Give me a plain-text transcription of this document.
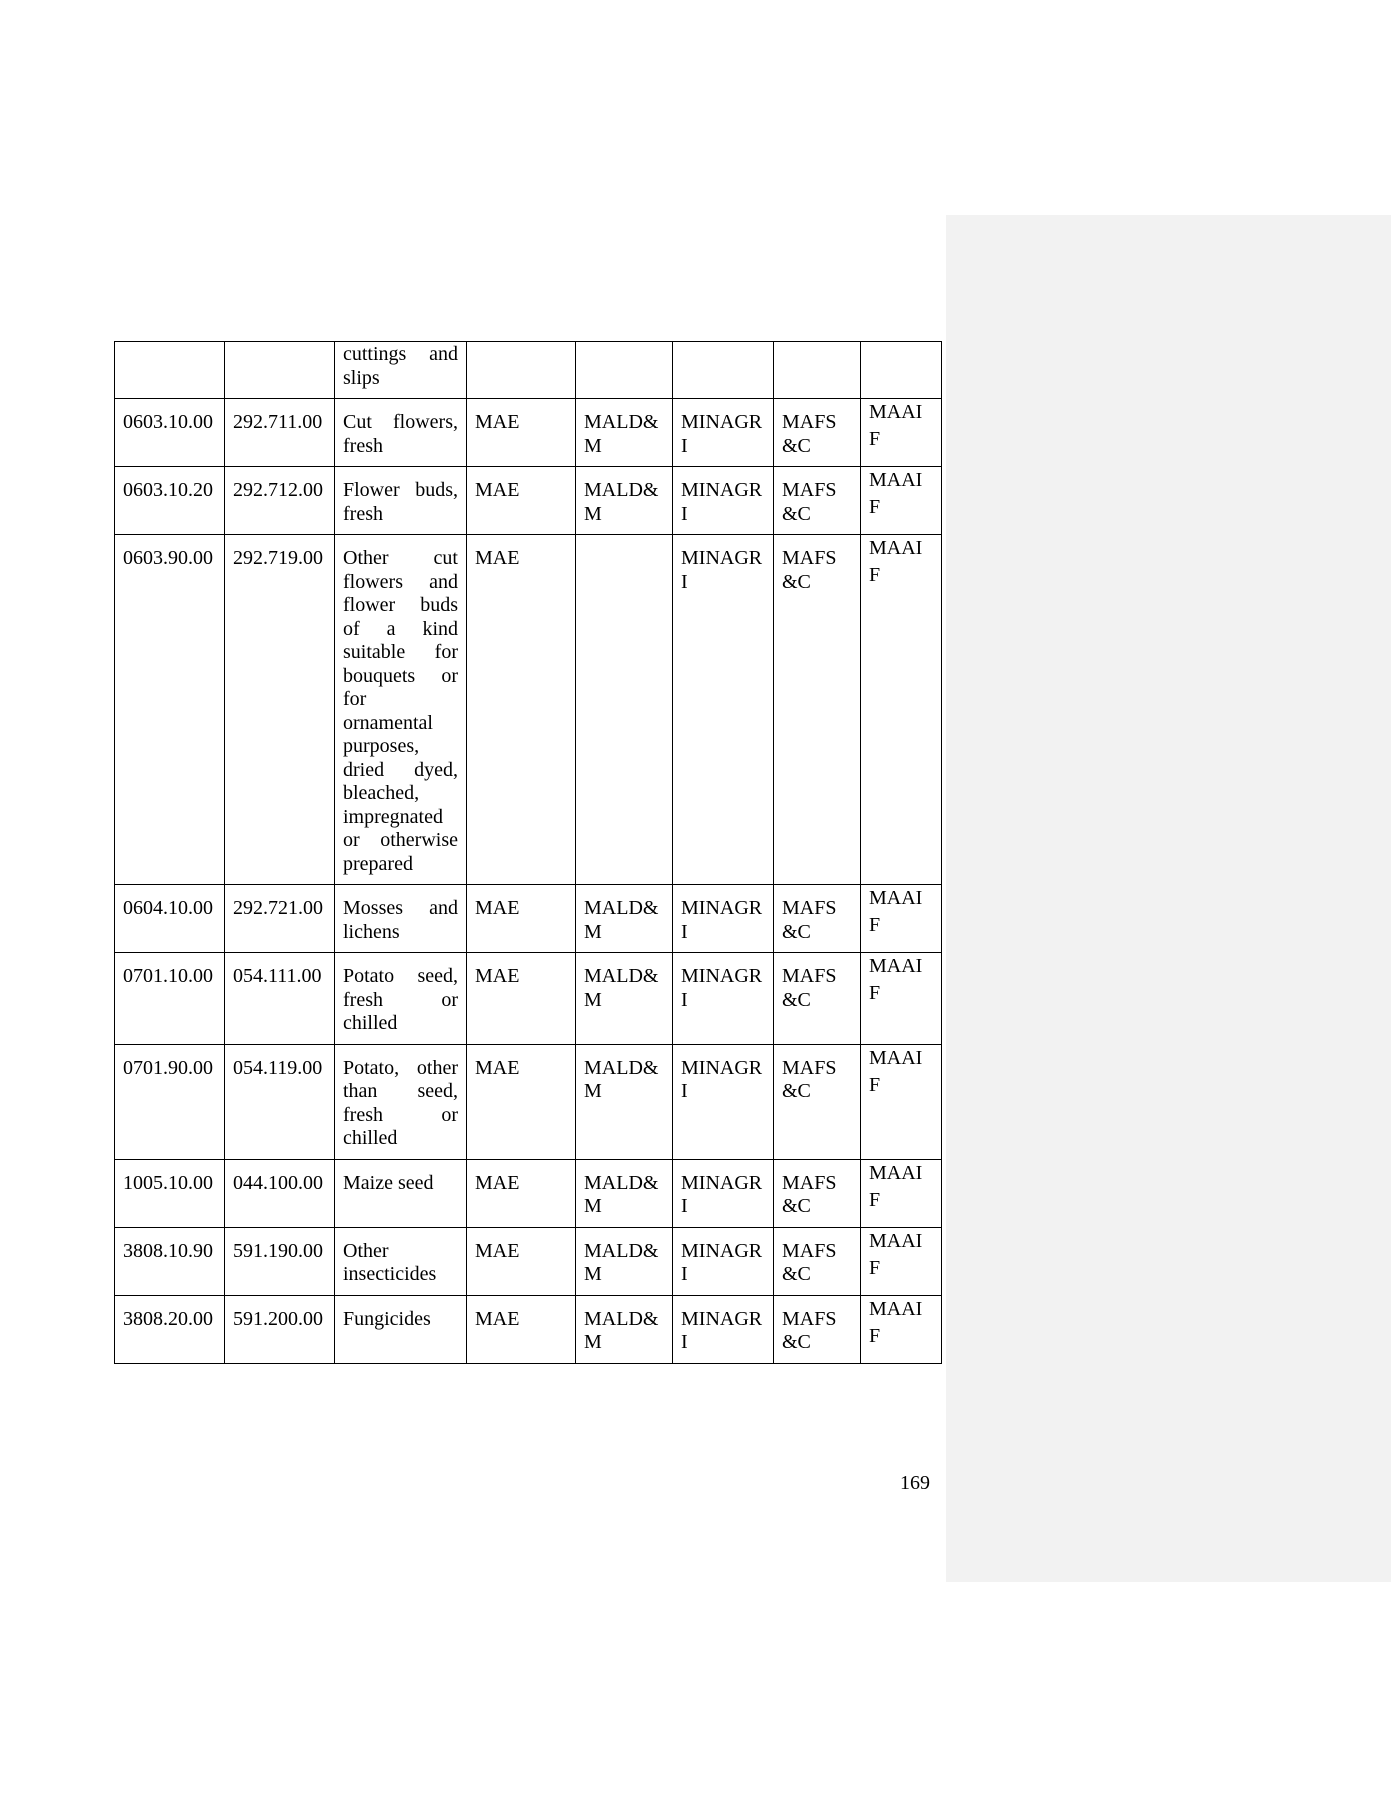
		cuttings and slips					
0603.10.00	292.711.00	Cut flowers, fresh	MAE	MALD&M	MINAGRI	MAFS&C	MAAIF
0603.10.20	292.712.00	Flower buds, fresh	MAE	MALD&M	MINAGRI	MAFS&C	MAAIF
0603.90.00	292.719.00	Other cut flowers and flower buds of a kind suitable for bouquets or for ornamental purposes, dried dyed, bleached, impregnated or otherwise prepared	MAE		MINAGRI	MAFS&C	MAAIF
0604.10.00	292.721.00	Mosses and lichens	MAE	MALD&M	MINAGRI	MAFS&C	MAAIF
0701.10.00	054.111.00	Potato seed, fresh or chilled	MAE	MALD&M	MINAGRI	MAFS&C	MAAIF
0701.90.00	054.119.00	Potato, other than seed, fresh or chilled	MAE	MALD&M	MINAGRI	MAFS&C	MAAIF
1005.10.00	044.100.00	Maize seed	MAE	MALD&M	MINAGRI	MAFS&C	MAAIF
3808.10.90	591.190.00	Other insecticides	MAE	MALD&M	MINAGRI	MAFS&C	MAAIF
3808.20.00	591.200.00	Fungicides	MAE	MALD&M	MINAGRI	MAFS&C	MAAIF
169
